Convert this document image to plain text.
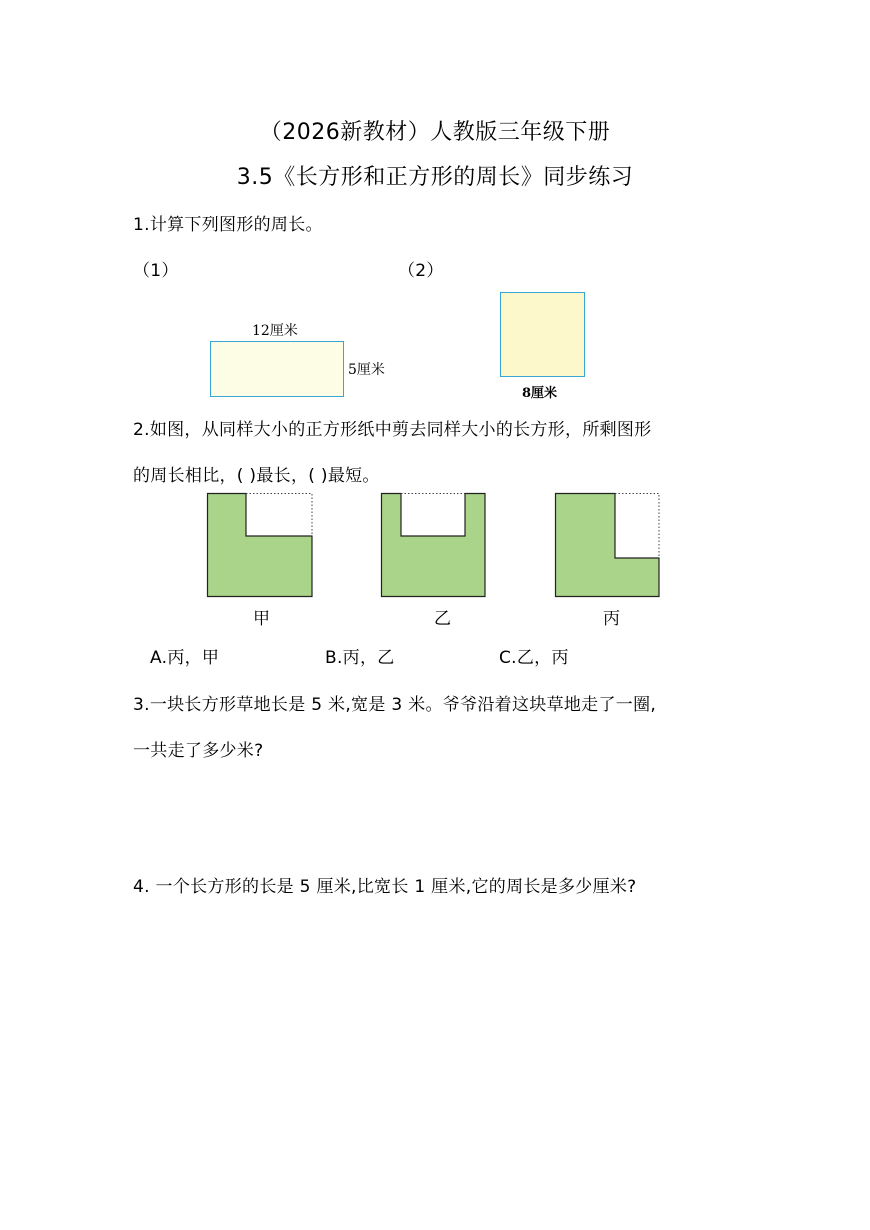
（2026新教材）人教版三年级下册
3.5《长方形和正方形的周长》同步练习
1.计算下列图形的周长。
（1）	（2）
12厘米
5厘米
8厘米
2.如图，从同样大小的正方形纸中剪去同样大小的长方形，所剩图形
的周长相比，( )最长，( )最短。
甲	乙	丙
A.丙，甲	B.丙，乙	C.乙，丙
3.一块长方形草地长是 5 米,宽是 3 米。爷爷沿着这块草地走了一圈,
一共走了多少米?
4. 一个长方形的长是 5 厘米,比宽长 1 厘米,它的周长是多少厘米?
